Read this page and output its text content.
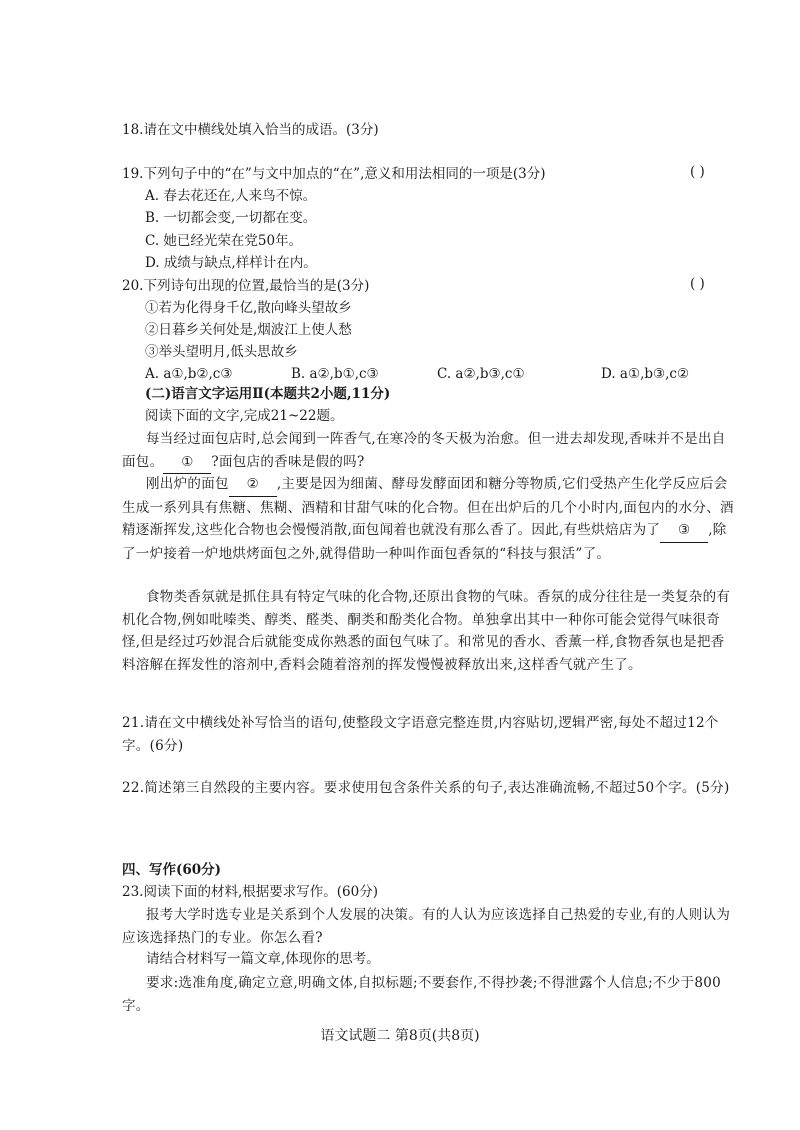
18.请在文中横线处填入恰当的成语。(3分)
19.下列句子中的“在”与文中加点的“在”,意义和用法相同的一项是(3分)	( )
A. 春去花还在,人来鸟不惊。
B. 一切都会变,一切都在变。
C. 她已经光荣在党50年。
D. 成绩与缺点,样样计在内。
20.下列诗句出现的位置,最恰当的是(3分)	( )
①若为化得身千亿,散向峰头望故乡
②日暮乡关何处是,烟波江上使人愁
③举头望明月,低头思故乡
A. a①,b②,c③	B. a②,b①,c③	C. a②,b③,c①	D. a①,b③,c②
(二)语言文字运用Ⅱ(本题共2小题,11分)
阅读下面的文字,完成21~22题。
每当经过面包店时,总会闻到一阵香气,在寒冷的冬天极为治愈。但一进去却发现,香味并不是出自面包。 ① ?面包店的香味是假的吗?
刚出炉的面包 ② ,主要是因为细菌、酵母发酵面团和糖分等物质,它们受热产生化学反应后会生成一系列具有焦糖、焦糊、酒精和甘甜气味的化合物。但在出炉后的几个小时内,面包内的水分、酒精逐渐挥发,这些化合物也会慢慢消散,面包闻着也就没有那么香了。因此,有些烘焙店为了 ③ ,除了一炉接着一炉地烘烤面包之外,就得借助一种叫作面包香氛的“科技与狠活”了。
食物类香氛就是抓住具有特定气味的化合物,还原出食物的气味。香氛的成分往往是一类复杂的有机化合物,例如吡嗪类、醇类、醛类、酮类和酚类化合物。单独拿出其中一种你可能会觉得气味很奇怪,但是经过巧妙混合后就能变成你熟悉的面包气味了。和常见的香水、香薰一样,食物香氛也是把香料溶解在挥发性的溶剂中,香料会随着溶剂的挥发慢慢被释放出来,这样香气就产生了。
21.请在文中横线处补写恰当的语句,使整段文字语意完整连贯,内容贴切,逻辑严密,每处不超过12个字。(6分)
22.简述第三自然段的主要内容。要求使用包含条件关系的句子,表达准确流畅,不超过50个字。(5分)
四、写作(60分)
23.阅读下面的材料,根据要求写作。(60分)
报考大学时选专业是关系到个人发展的决策。有的人认为应该选择自己热爱的专业,有的人则认为应该选择热门的专业。你怎么看?
请结合材料写一篇文章,体现你的思考。
要求:选准角度,确定立意,明确文体,自拟标题;不要套作,不得抄袭;不得泄露个人信息;不少于800字。
语文试题二 第8页(共8页)
